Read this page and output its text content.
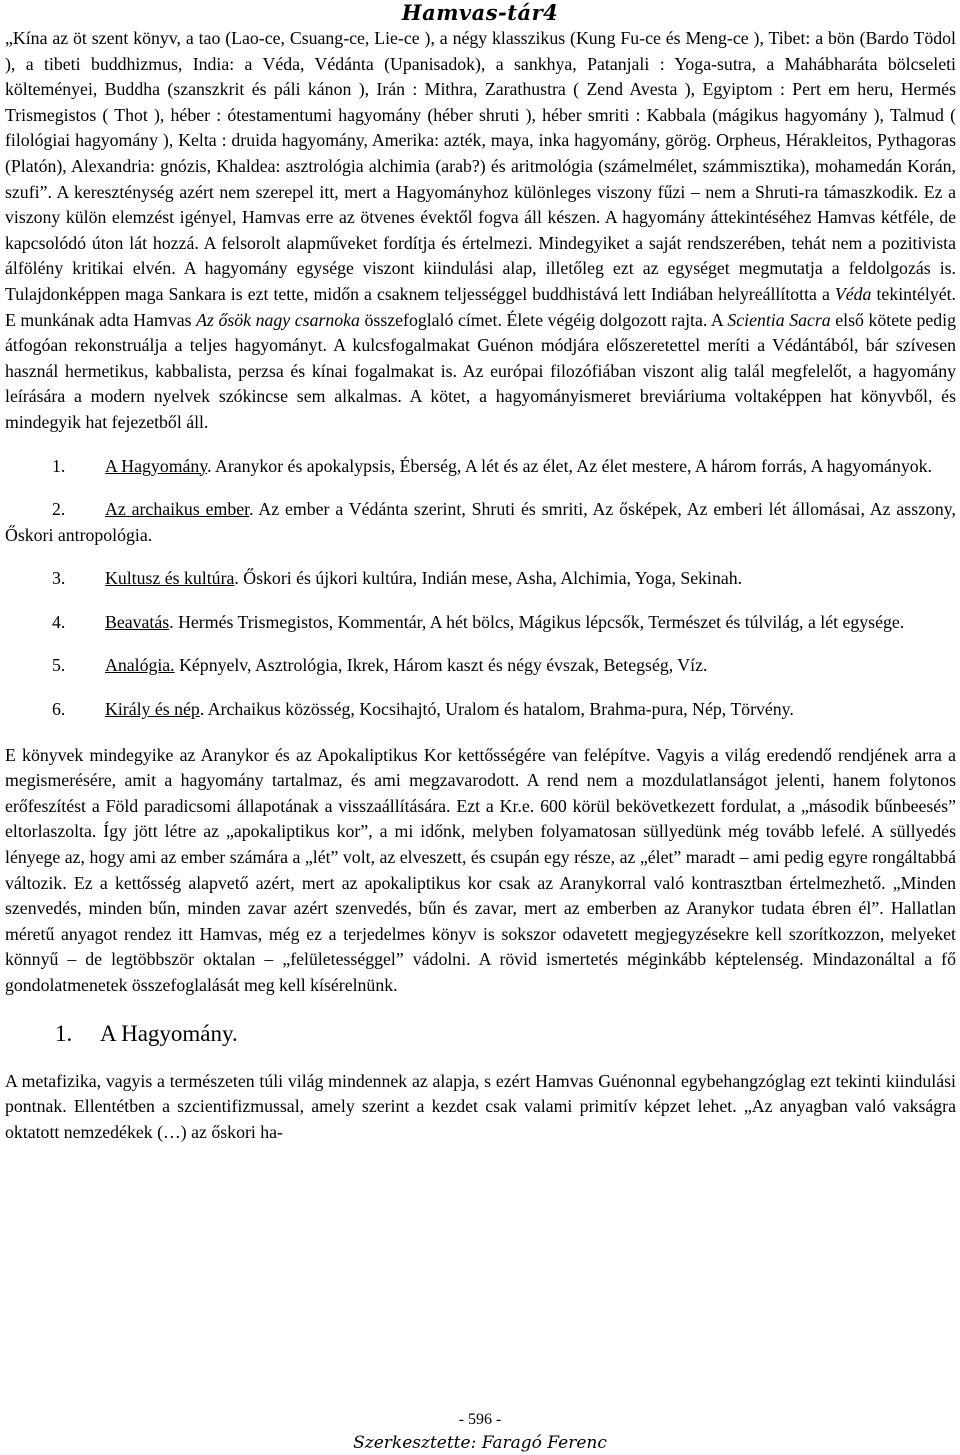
Hamvas-tár4

„Kína az öt szent könyv, a tao (Lao-ce, Csuang-ce, Lie-ce ), a négy klasszikus (Kung Fu-ce és Meng-ce ), Tibet: a bön (Bardo Tödol ), a tibeti buddhizmus, India: a Véda, Védánta (Upanisadok), a sankhya, Patanjali : Yoga-sutra, a Mahábharáta bölcseleti költeményei, Buddha (szanszkrit és páli kánon ), Irán : Mithra, Zarathustra ( Zend Avesta ), Egyiptom : Pert em heru, Hermés Trismegistos ( Thot ), héber : ótestamentumi hagyomány (héber shruti ), héber smriti : Kabbala (mágikus hagyomány ), Talmud ( filológiai hagyomány ), Kelta : druida hagyomány, Amerika: azték, maya, inka hagyomány, görög. Orpheus, Hérakleitos, Pythagoras (Platón), Alexandria: gnózis, Khaldea: asztrológia alchimia (arab?) és aritmológia (számelmélet, számmisztika), mohamedán Korán, szufi”. A kereszténység azért nem szerepel itt, mert a Hagyományhoz különleges viszony fűzi – nem a Shruti-ra támaszkodik. Ez a viszony külön elemzést igényel, Hamvas erre az ötvenes évektől fogva áll készen. A hagyomány áttekintéséhez Hamvas kétféle, de kapcsolódó úton lát hozzá. A felsorolt alapműveket fordítja és értelmezi. Mindegyiket a saját rendszerében, tehát nem a pozitivista álfölény kritikai elvén. A hagyomány egysége viszont kiindulási alap, illetőleg ezt az egységet megmutatja a feldolgozás is. Tulajdonképpen maga Sankara is ezt tette, midőn a csaknem teljességgel buddhistává lett Indiában helyreállította a Véda tekintélyét. E munkának adta Hamvas Az ősök nagy csarnoka összefoglaló címet. Élete végéig dolgozott rajta. A Scientia Sacra első kötete pedig átfogóan rekonstruálja a teljes hagyományt. A kulcsfogalmakat Guénon módjára előszeretettel meríti a Védántából, bár szívesen használ hermetikus, kabbalista, perzsa és kínai fogalmakat is. Az európai filozófiában viszont alig talál megfelelőt, a hagyomány leírására a modern nyelvek szókincse sem alkalmas. A kötet, a hagyományismeret breviáriuma voltaképpen hat könyvből, és mindegyik hat fejezetből áll.

1. A Hagyomány. Aranykor és apokalypsis, Éberség, A lét és az élet, Az élet mestere, A három forrás, A hagyományok.

2. Az archaikus ember. Az ember a Védánta szerint, Shruti és smriti, Az ősképek, Az emberi lét állomásai, Az asszony, Őskori antropológia.

3. Kultusz és kultúra. Őskori és újkori kultúra, Indián mese, Asha, Alchimia, Yoga, Sekinah.

4. Beavatás. Hermés Trismegistos, Kommentár, A hét bölcs, Mágikus lépcsők, Természet és túlvilág, a lét egysége.

5. Analógia. Képnyelv, Asztrológia, Ikrek, Három kaszt és négy évszak, Betegség, Víz.

6. Király és nép. Archaikus közösség, Kocsihajtó, Uralom és hatalom, Brahma-pura, Nép, Törvény.

E könyvek mindegyike az Aranykor és az Apokaliptikus Kor kettősségére van felépítve. Vagyis a világ eredendő rendjének arra a megismerésére, amit a hagyomány tartalmaz, és ami megzavarodott. A rend nem a mozdulatlanságot jelenti, hanem folytonos erőfeszítést a Föld paradicsomi állapotának a visszaállítására. Ezt a Kr.e. 600 körül bekövetkezett fordulat, a „második bűnbeesés” eltorlaszolta. Így jött létre az „apokaliptikus kor”, a mi időnk, melyben folyamatosan süllyedünk még tovább lefelé. A süllyedés lényege az, hogy ami az ember számára a „lét” volt, az elveszett, és csupán egy része, az „élet” maradt – ami pedig egyre rongáltabbá változik. Ez a kettősség alapvető azért, mert az apokaliptikus kor csak az Aranykorral való kontrasztban értelmezhető. „Minden szenvedés, minden bűn, minden zavar azért szenvedés, bűn és zavar, mert az emberben az Aranykor tudata ébren él”. Hallatlan méretű anyagot rendez itt Hamvas, még ez a terjedelmes könyv is sokszor odavetett megjegyzésekre kell szorítkozzon, melyeket könnyű – de legtöbbször oktalan – „felületességgel” vádolni. A rövid ismertetés méginkább képtelenség. Mindazonáltal a fő gondolatmenetek összefoglalását meg kell kísérelnünk.

1. A Hagyomány.

A metafizika, vagyis a természeten túli világ mindennek az alapja, s ezért Hamvas Guénonnal egybehangzóglag ezt tekinti kiindulási pontnak. Ellentétben a szcientifizmussal, amely szerint a kezdet csak valami primitív képzet lehet. „Az anyagban való vakságra oktatott nemzedékek (…) az őskori ha-

- 596 -
Szerkesztette: Faragó Ferenc
